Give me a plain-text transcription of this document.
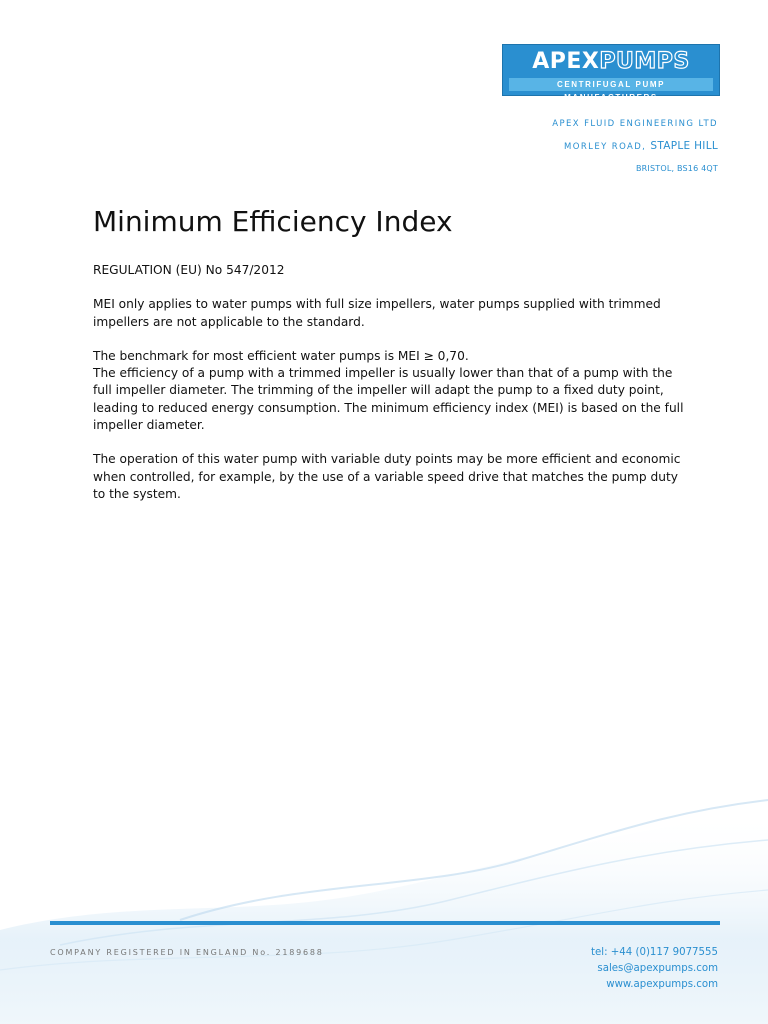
APEXPUMPS
CENTRIFUGAL PUMP MANUFACTURERS
APEX FLUID ENGINEERING LTD
MORLEY ROAD, STAPLE HILL
BRISTOL, BS16 4QT
Minimum Efficiency Index

REGULATION (EU) No 547/2012

MEI only applies to water pumps with full size impellers, water pumps supplied with trimmed impellers are not applicable to the standard.

The benchmark for most efficient water pumps is MEI ≥ 0,70.
The efficiency of a pump with a trimmed impeller is usually lower than that of a pump with the full impeller diameter. The trimming of the impeller will adapt the pump to a fixed duty point, leading to reduced energy consumption. The minimum efficiency index (MEI) is based on the full impeller diameter.

The operation of this water pump with variable duty points may be more efficient and economic when controlled, for example, by the use of a variable speed drive that matches the pump duty to the system.

COMPANY REGISTERED IN ENGLAND No. 2189688	tel: +44 (0)117 9077555
sales@apexpumps.com
www.apexpumps.com
